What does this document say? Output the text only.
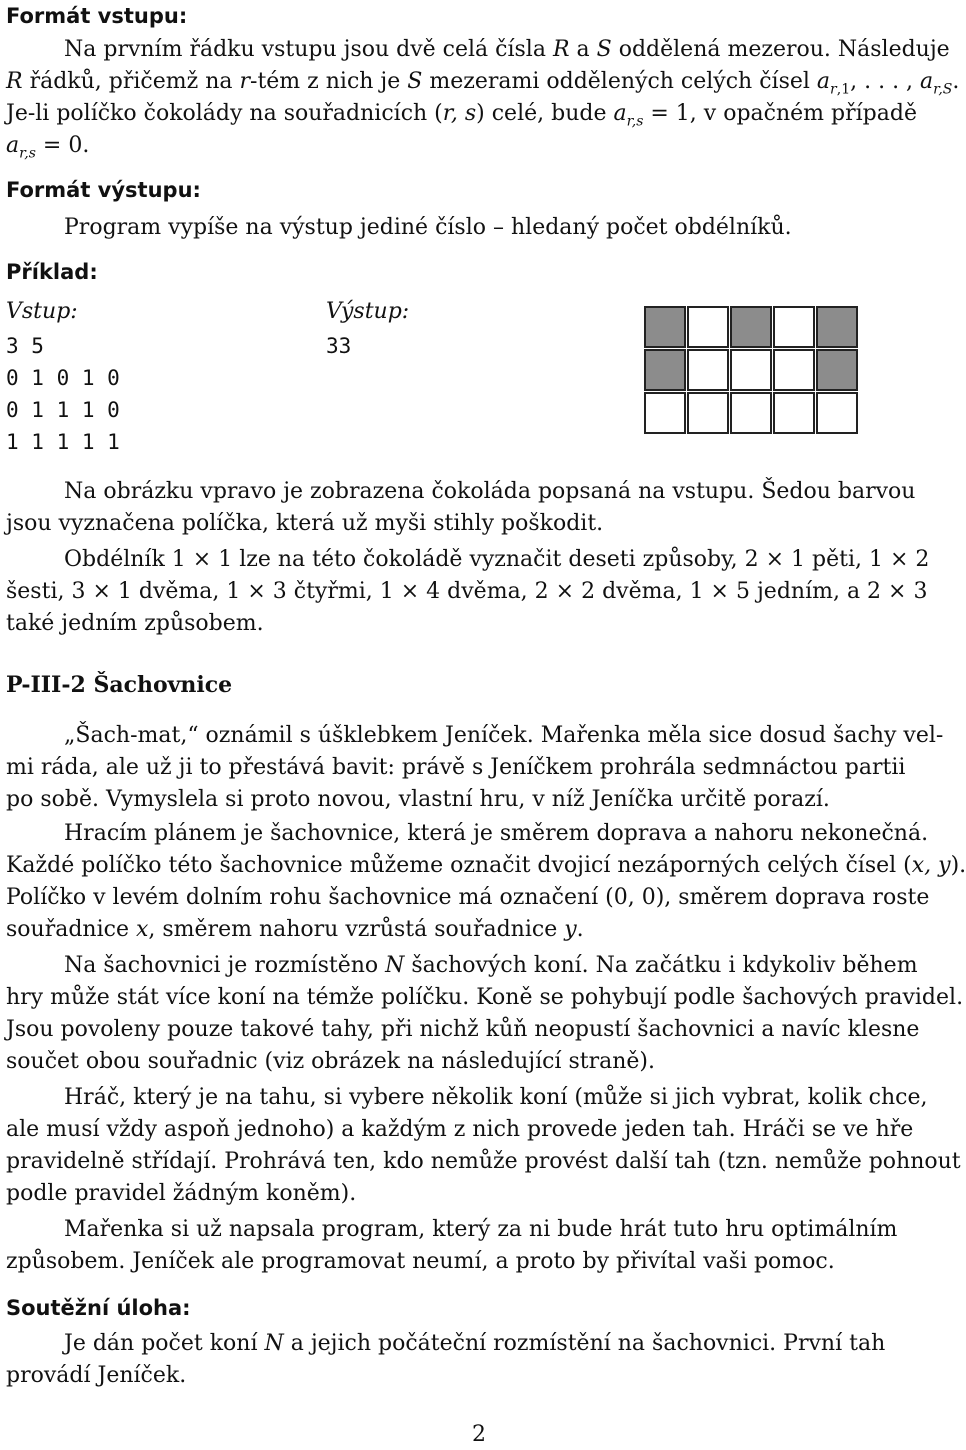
Formát vstupu:
Na prvním řádku vstupu jsou dvě celá čísla R a S oddělená mezerou. Následuje
R řádků, přičemž na r-tém z nich je S mezerami oddělených celých čísel $a_{r,1}$, . . . , $a_{r,S}$.
Je-li políčko čokolády na souřadnicích (r, s) celé, bude $a_{r,s} = 1$, v opačném případě
$a_{r,s} = 0$.
Formát výstupu:
Program vypíše na výstup jediné číslo – hledaný počet obdélníků.
Příklad:
Vstup:	Výstup:
3 5
0 1 0 1 0
0 1 1 1 0
1 1 1 1 1
33
Na obrázku vpravo je zobrazena čokoláda popsaná na vstupu. Šedou barvou
jsou vyznačena políčka, která už myši stihly poškodit.
Obdélník 1 × 1 lze na této čokoládě vyznačit deseti způsoby, 2 × 1 pěti, 1 × 2
šesti, 3 × 1 dvěma, 1 × 3 čtyřmi, 1 × 4 dvěma, 2 × 2 dvěma, 1 × 5 jedním, a 2 × 3
také jedním způsobem.
P-III-2 Šachovnice
„Šach-mat,“ oznámil s úšklebkem Jeníček. Mařenka měla sice dosud šachy vel-
mi ráda, ale už ji to přestává bavit: právě s Jeníčkem prohrála sedmnáctou partii
po sobě. Vymyslela si proto novou, vlastní hru, v níž Jeníčka určitě porazí.
Hracím plánem je šachovnice, která je směrem doprava a nahoru nekonečná.
Každé políčko této šachovnice můžeme označit dvojicí nezáporných celých čísel (x, y).
Políčko v levém dolním rohu šachovnice má označení (0, 0), směrem doprava roste
souřadnice x, směrem nahoru vzrůstá souřadnice y.
Na šachovnici je rozmístěno N šachových koní. Na začátku i kdykoliv během
hry může stát více koní na témže políčku. Koně se pohybují podle šachových pravidel.
Jsou povoleny pouze takové tahy, při nichž kůň neopustí šachovnici a navíc klesne
součet obou souřadnic (viz obrázek na následující straně).
Hráč, který je na tahu, si vybere několik koní (může si jich vybrat, kolik chce,
ale musí vždy aspoň jednoho) a každým z nich provede jeden tah. Hráči se ve hře
pravidelně střídají. Prohrává ten, kdo nemůže provést další tah (tzn. nemůže pohnout
podle pravidel žádným koněm).
Mařenka si už napsala program, který za ni bude hrát tuto hru optimálním
způsobem. Jeníček ale programovat neumí, a proto by přivítal vaši pomoc.
Soutěžní úloha:
Je dán počet koní N a jejich počáteční rozmístění na šachovnici. První tah
provádí Jeníček.
2
